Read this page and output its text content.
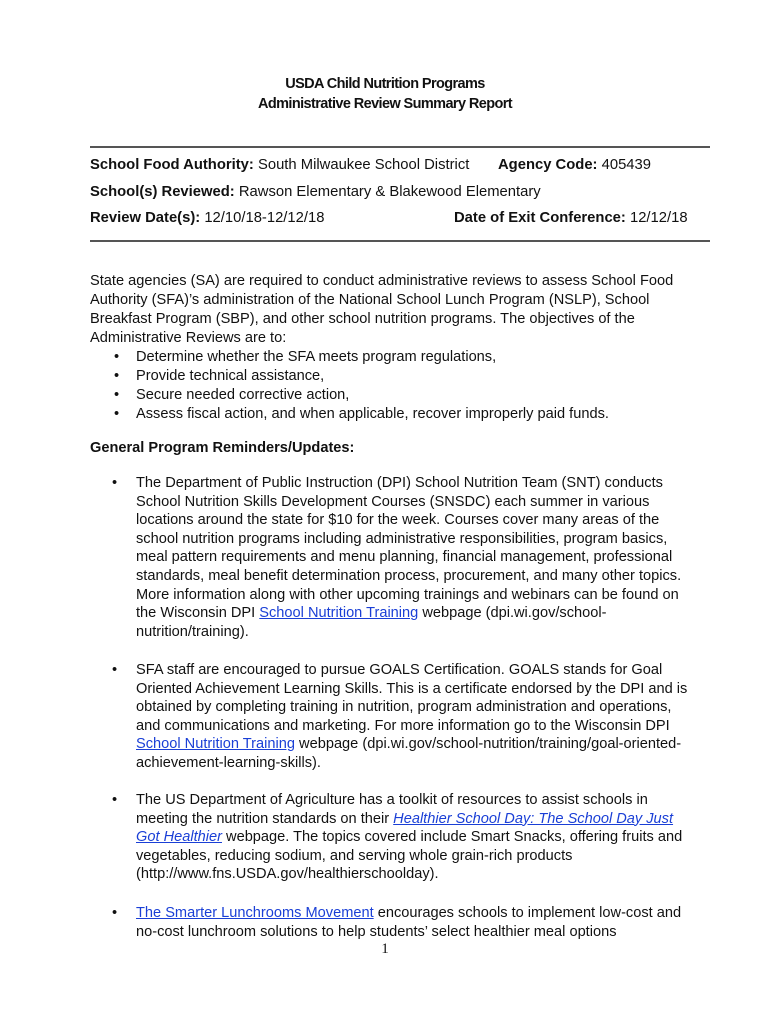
USDA Child Nutrition Programs
Administrative Review Summary Report
School Food Authority: South Milwaukee School District Agency Code: 405439
School(s) Reviewed: Rawson Elementary & Blakewood Elementary
Review Date(s): 12/10/18-12/12/18	Date of Exit Conference: 12/12/18

State agencies (SA) are required to conduct administrative reviews to assess School Food Authority (SFA)’s administration of the National School Lunch Program (NSLP), School Breakfast Program (SBP), and other school nutrition programs. The objectives of the Administrative Reviews are to:

• Determine whether the SFA meets program regulations,
• Provide technical assistance,
• Secure needed corrective action,
• Assess fiscal action, and when applicable, recover improperly paid funds.
General Program Reminders/Updates:
• The Department of Public Instruction (DPI) School Nutrition Team (SNT) conducts School Nutrition Skills Development Courses (SNSDC) each summer in various locations around the state for $10 for the week. Courses cover many areas of the school nutrition programs including administrative responsibilities, program basics, meal pattern requirements and menu planning, financial management, professional standards, meal benefit determination process, procurement, and many other topics. More information along with other upcoming trainings and webinars can be found on the Wisconsin DPI School Nutrition Training webpage (dpi.wi.gov/school-nutrition/training).
• SFA staff are encouraged to pursue GOALS Certification. GOALS stands for Goal Oriented Achievement Learning Skills. This is a certificate endorsed by the DPI and is obtained by completing training in nutrition, program administration and operations, and communications and marketing. For more information go to the Wisconsin DPI School Nutrition Training webpage (dpi.wi.gov/school-nutrition/training/goal-oriented-achievement-learning-skills).
• The US Department of Agriculture has a toolkit of resources to assist schools in meeting the nutrition standards on their Healthier School Day: The School Day Just Got Healthier webpage. The topics covered include Smart Snacks, offering fruits and vegetables, reducing sodium, and serving whole grain-rich products (http://www.fns.USDA.gov/healthierschoolday).
• The Smarter Lunchrooms Movement encourages schools to implement low-cost and no-cost lunchroom solutions to help students’ select healthier meal options
1
